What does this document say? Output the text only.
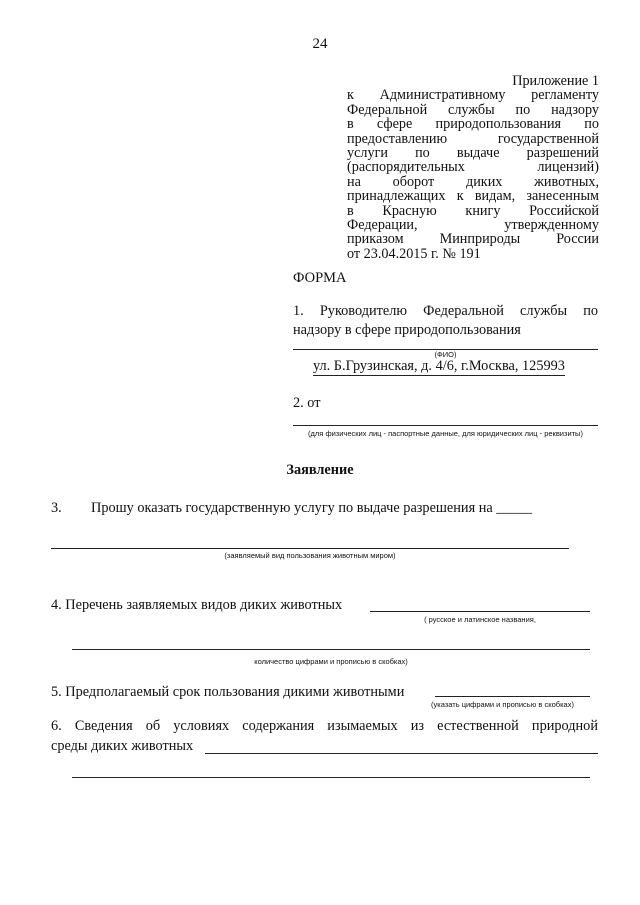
24
Приложение 1
к Административному регламенту
Федеральной службы по надзору
в сфере природопользования по
предоставлению государственной
услуги по выдаче разрешений
(распорядительных лицензий)
на оборот диких животных,
принадлежащих к видам, занесенным
в Красную книгу Российской
Федерации, утвержденному
приказом Минприроды России
от 23.04.2015 г. № 191
ФОРМА
1. Руководителю Федеральной службы по
надзору в сфере природопользования
(ФИО)
ул. Б.Грузинская, д. 4/6, г.Москва, 125993
2. от
(для физических лиц - паспортные данные, для юридических лиц - реквизиты)
Заявление
3. Прошу оказать государственную услугу по выдаче разрешения на _____
(заявляемый вид пользования животным миром)
4. Перечень заявляемых видов диких животных
( русское и латинское названия,
количество цифрами и прописью в скобках)
5. Предполагаемый срок пользования дикими животными
(указать цифрами и прописью в скобках)
6. Сведения об условиях содержания изымаемых из естественной природной
среды диких животных
